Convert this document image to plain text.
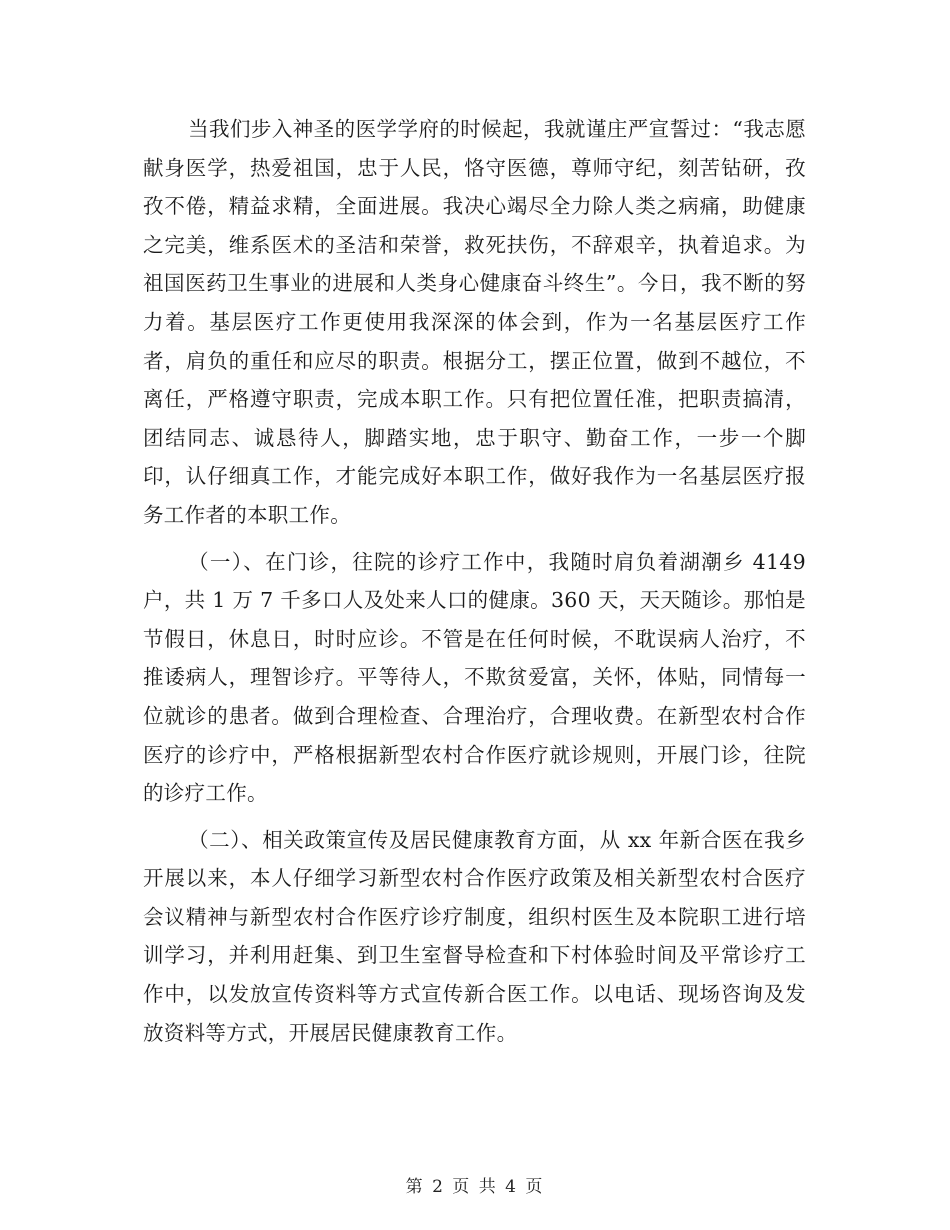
当我们步入神圣的医学学府的时候起，我就谨庄严宣誓过：“我志愿献身医学，热爱祖国，忠于人民，恪守医德，尊师守纪，刻苦钻研，孜孜不倦，精益求精，全面进展。我决心竭尽全力除人类之病痛，助健康之完美，维系医术的圣洁和荣誉，救死扶伤，不辞艰辛，执着追求。为祖国医药卫生事业的进展和人类身心健康奋斗终生”。今日，我不断的努力着。基层医疗工作更使用我深深的体会到，作为一名基层医疗工作者，肩负的重任和应尽的职责。根据分工，摆正位置，做到不越位，不离任，严格遵守职责，完成本职工作。只有把位置任准，把职责搞清，团结同志、诚恳待人，脚踏实地，忠于职守、勤奋工作，一步一个脚印，认仔细真工作，才能完成好本职工作，做好我作为一名基层医疗报务工作者的本职工作。

（一）、在门诊，往院的诊疗工作中，我随时肩负着湖潮乡 4149 户，共 1 万 7 千多口人及处来人口的健康。360 天，天天随诊。那怕是节假日，休息日，时时应诊。不管是在任何时候，不耽误病人治疗，不推诿病人，理智诊疗。平等待人，不欺贫爱富，关怀，体贴，同情每一位就诊的患者。做到合理检查、合理治疗，合理收费。在新型农村合作医疗的诊疗中，严格根据新型农村合作医疗就诊规则，开展门诊，往院的诊疗工作。

（二）、相关政策宣传及居民健康教育方面，从 xx 年新合医在我乡开展以来，本人仔细学习新型农村合作医疗政策及相关新型农村合医疗会议精神与新型农村合作医疗诊疗制度，组织村医生及本院职工进行培训学习，并利用赶集、到卫生室督导检查和下村体验时间及平常诊疗工作中，以发放宣传资料等方式宣传新合医工作。以电话、现场咨询及发放资料等方式，开展居民健康教育工作。

第 2 页 共 4 页
